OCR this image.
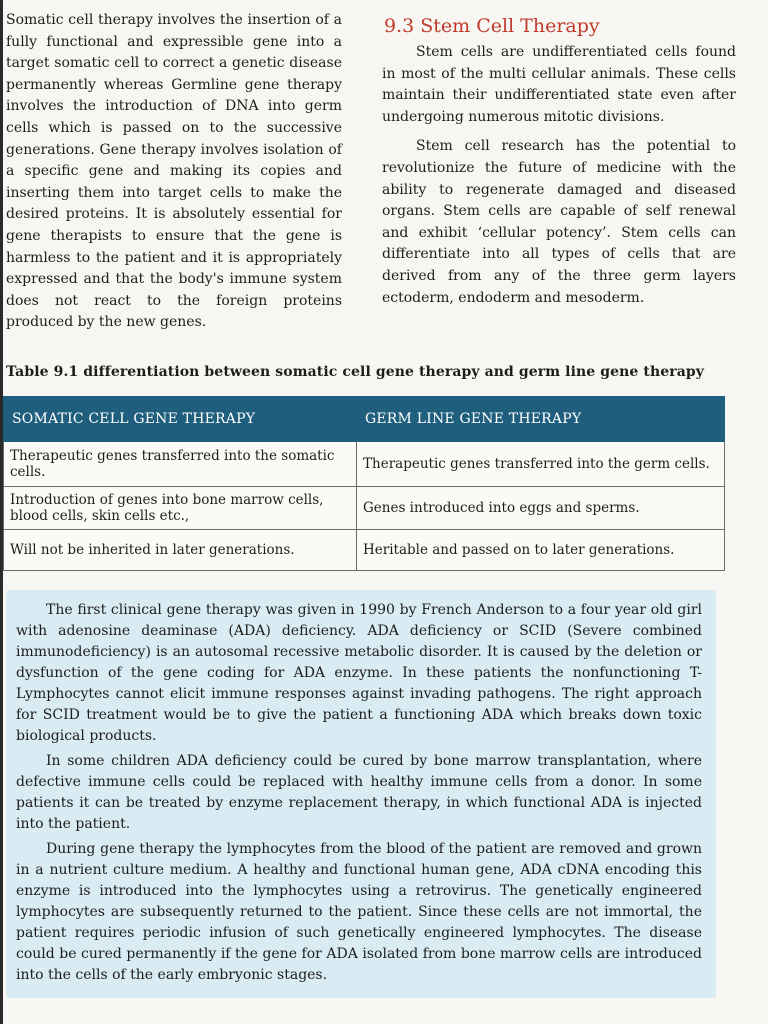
Somatic cell therapy involves the insertion of a fully functional and expressible gene into a target somatic cell to correct a genetic disease permanently whereas Germline gene therapy involves the introduction of DNA into germ cells which is passed on to the successive generations. Gene therapy involves isolation of a specific gene and making its copies and inserting them into target cells to make the desired proteins. It is absolutely essential for gene therapists to ensure that the gene is harmless to the patient and it is appropriately expressed and that the body's immune system does not react to the foreign proteins produced by the new genes.

9.3 Stem Cell Therapy

Stem cells are undifferentiated cells found in most of the multi cellular animals. These cells maintain their undifferentiated state even after undergoing numerous mitotic divisions.

Stem cell research has the potential to revolutionize the future of medicine with the ability to regenerate damaged and diseased organs. Stem cells are capable of self renewal and exhibit ‘cellular potency’. Stem cells can differentiate into all types of cells that are derived from any of the three germ layers ectoderm, endoderm and mesoderm.

Table 9.1 differentiation between somatic cell gene therapy and germ line gene therapy
SOMATIC CELL GENE THERAPY	GERM LINE GENE THERAPY
Therapeutic genes transferred into the somatic cells.	Therapeutic genes transferred into the germ cells.
Introduction of genes into bone marrow cells, blood cells, skin cells etc.,	Genes introduced into eggs and sperms.
Will not be inherited in later generations.	Heritable and passed on to later generations.

The first clinical gene therapy was given in 1990 by French Anderson to a four year old girl with adenosine deaminase (ADA) deficiency. ADA deficiency or SCID (Severe combined immunodeficiency) is an autosomal recessive metabolic disorder. It is caused by the deletion or dysfunction of the gene coding for ADA enzyme. In these patients the nonfunctioning T-Lymphocytes cannot elicit immune responses against invading pathogens. The right approach for SCID treatment would be to give the patient a functioning ADA which breaks down toxic biological products.

In some children ADA deficiency could be cured by bone marrow transplantation, where defective immune cells could be replaced with healthy immune cells from a donor. In some patients it can be treated by enzyme replacement therapy, in which functional ADA is injected into the patient.

During gene therapy the lymphocytes from the blood of the patient are removed and grown in a nutrient culture medium. A healthy and functional human gene, ADA cDNA encoding this enzyme is introduced into the lymphocytes using a retrovirus. The genetically engineered lymphocytes are subsequently returned to the patient. Since these cells are not immortal, the patient requires periodic infusion of such genetically engineered lymphocytes. The disease could be cured permanently if the gene for ADA isolated from bone marrow cells are introduced into the cells of the early embryonic stages.
